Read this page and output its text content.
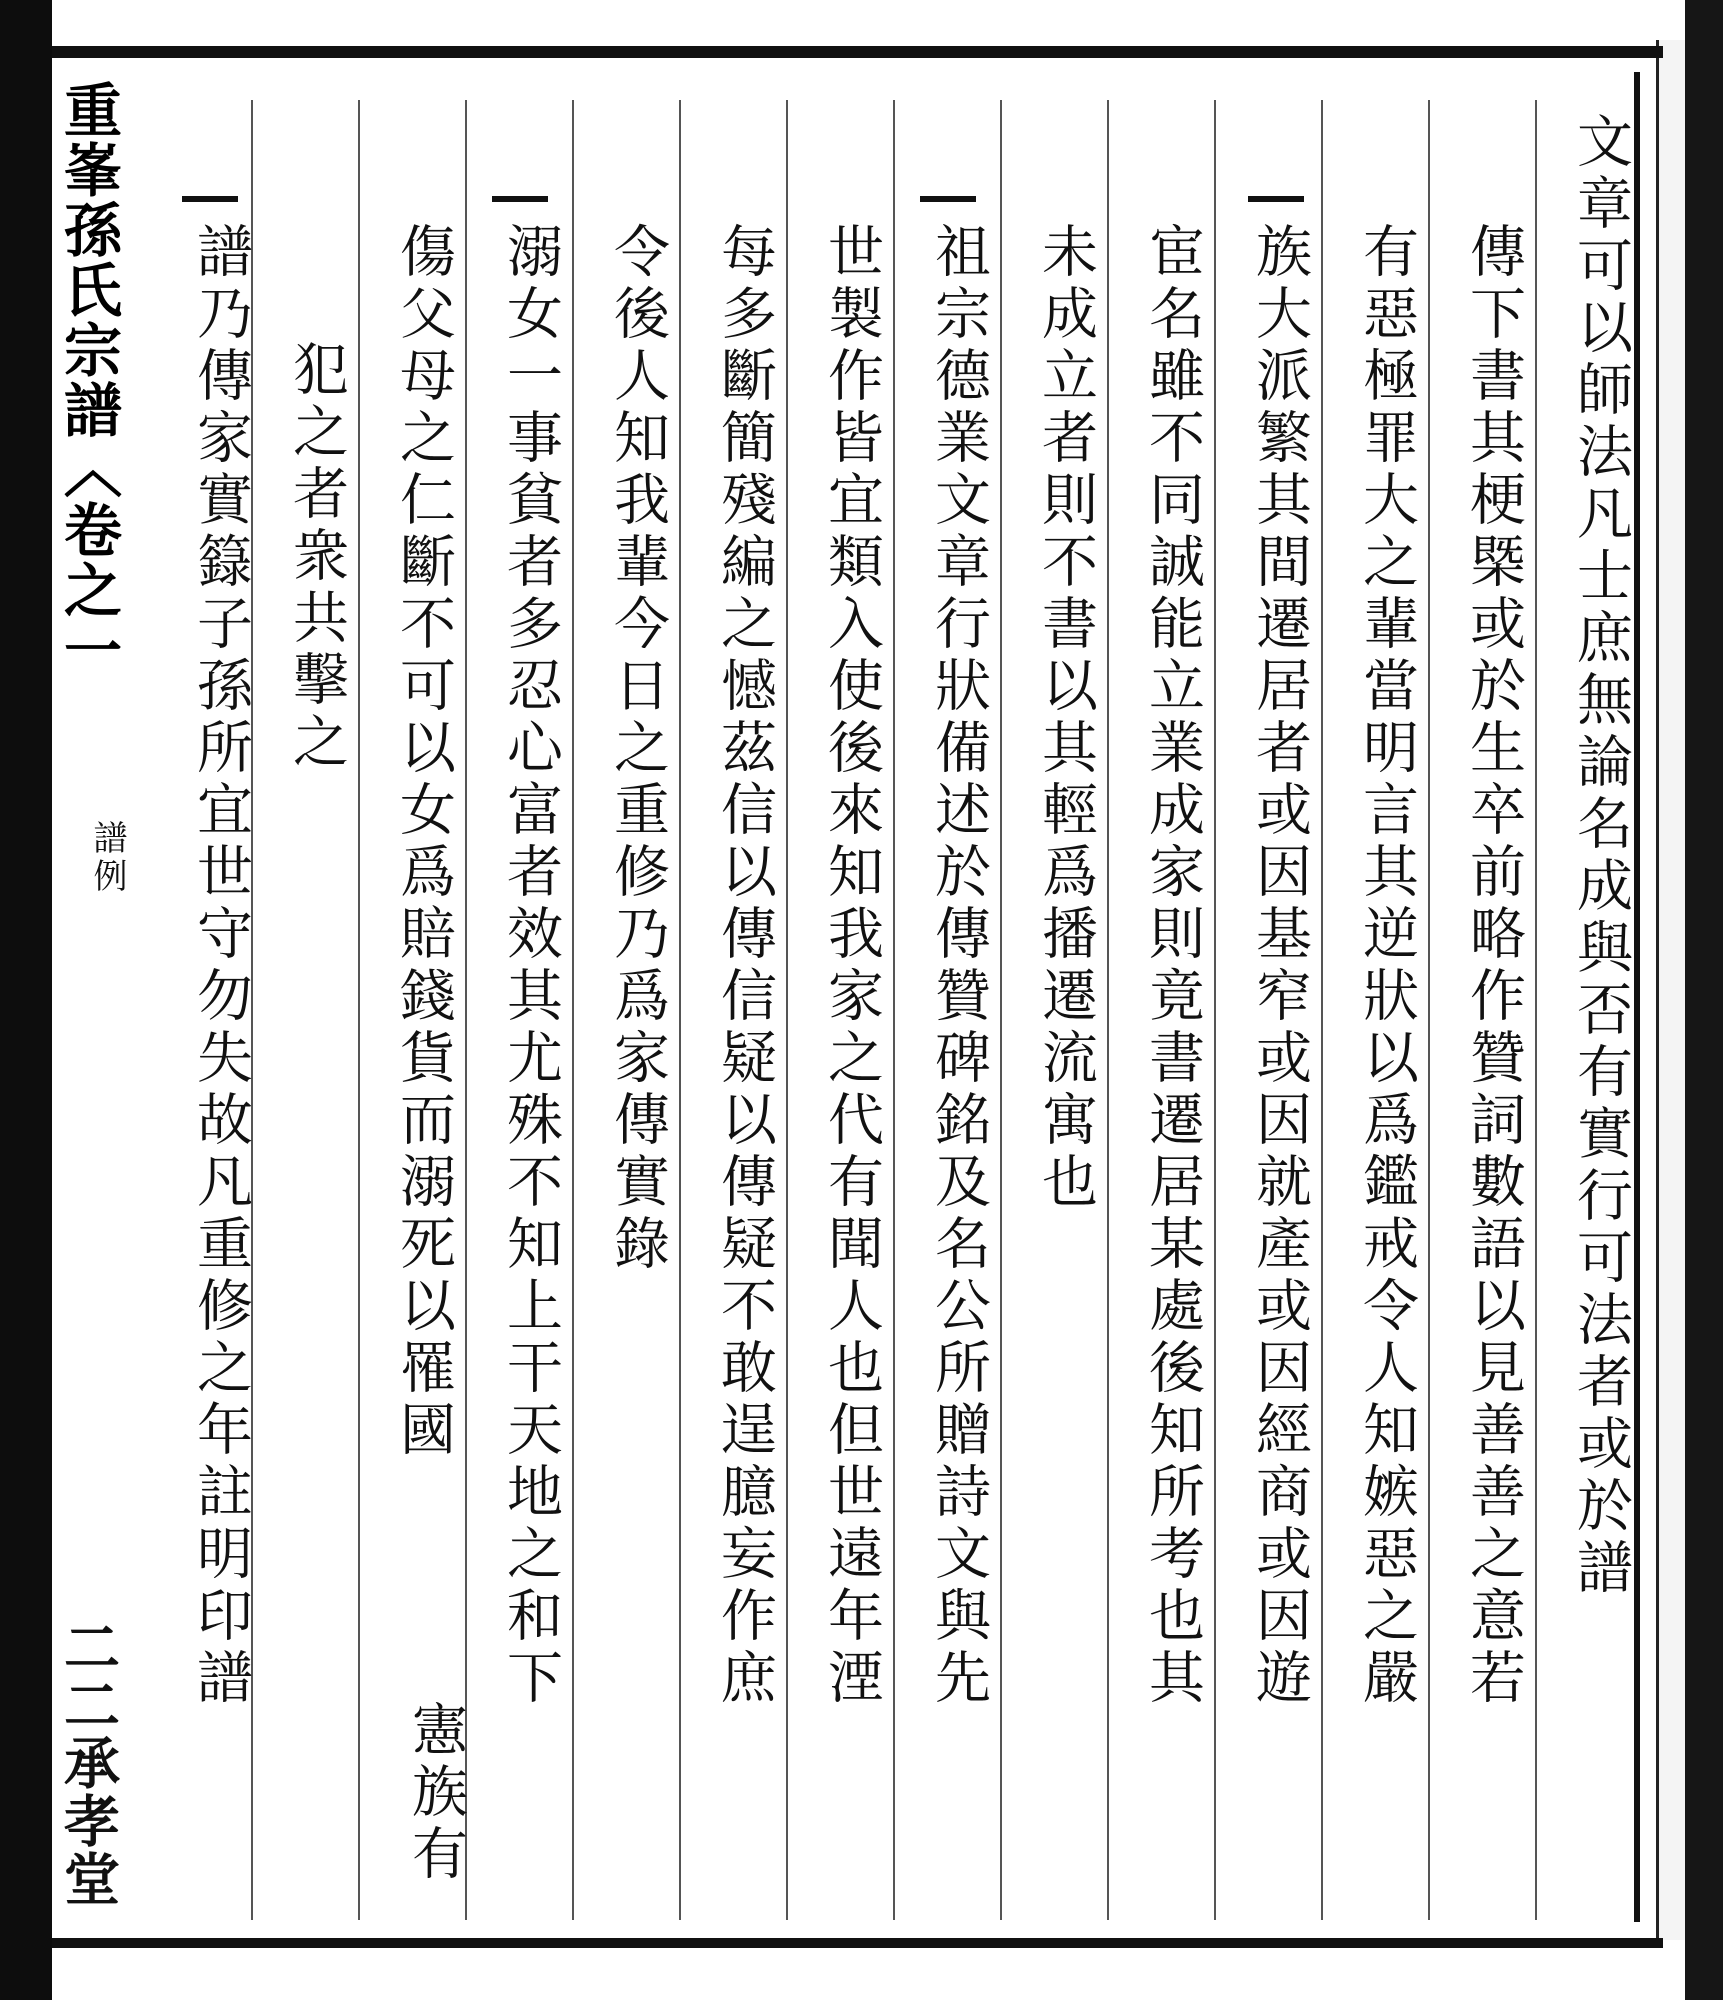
重峯孫氏宗譜〈卷之一
譜例
二二承孝堂
文章可以師法凡士庶無論名成與否有實行可法者或於譜
傳下書其梗槩或於生卒前略作贊詞數語以見善善之意若
有惡極罪大之輩當明言其逆狀以爲鑑戒令人知嫉惡之嚴
族大派繁其間遷居者或因基窄或因就產或因經商或因遊
宦名雖不同誠能立業成家則竟書遷居某處後知所考也其
未成立者則不書以其輕爲播遷流寓也
祖宗德業文章行狀備述於傳贊碑銘及名公所贈詩文與先
世製作皆宜類入使後來知我家之代有聞人也但世遠年湮
每多斷簡殘編之憾茲信以傳信疑以傳疑不敢逞臆妄作庶
令後人知我輩今日之重修乃爲家傳實錄
溺女一事貧者多忍心富者效其尤殊不知上干天地之和下
傷父母之仁斷不可以女爲賠錢貨而溺死以罹國
憲族有
犯之者衆共擊之
譜乃傳家實籙子孫所宜世守勿失故凡重修之年註明印譜
